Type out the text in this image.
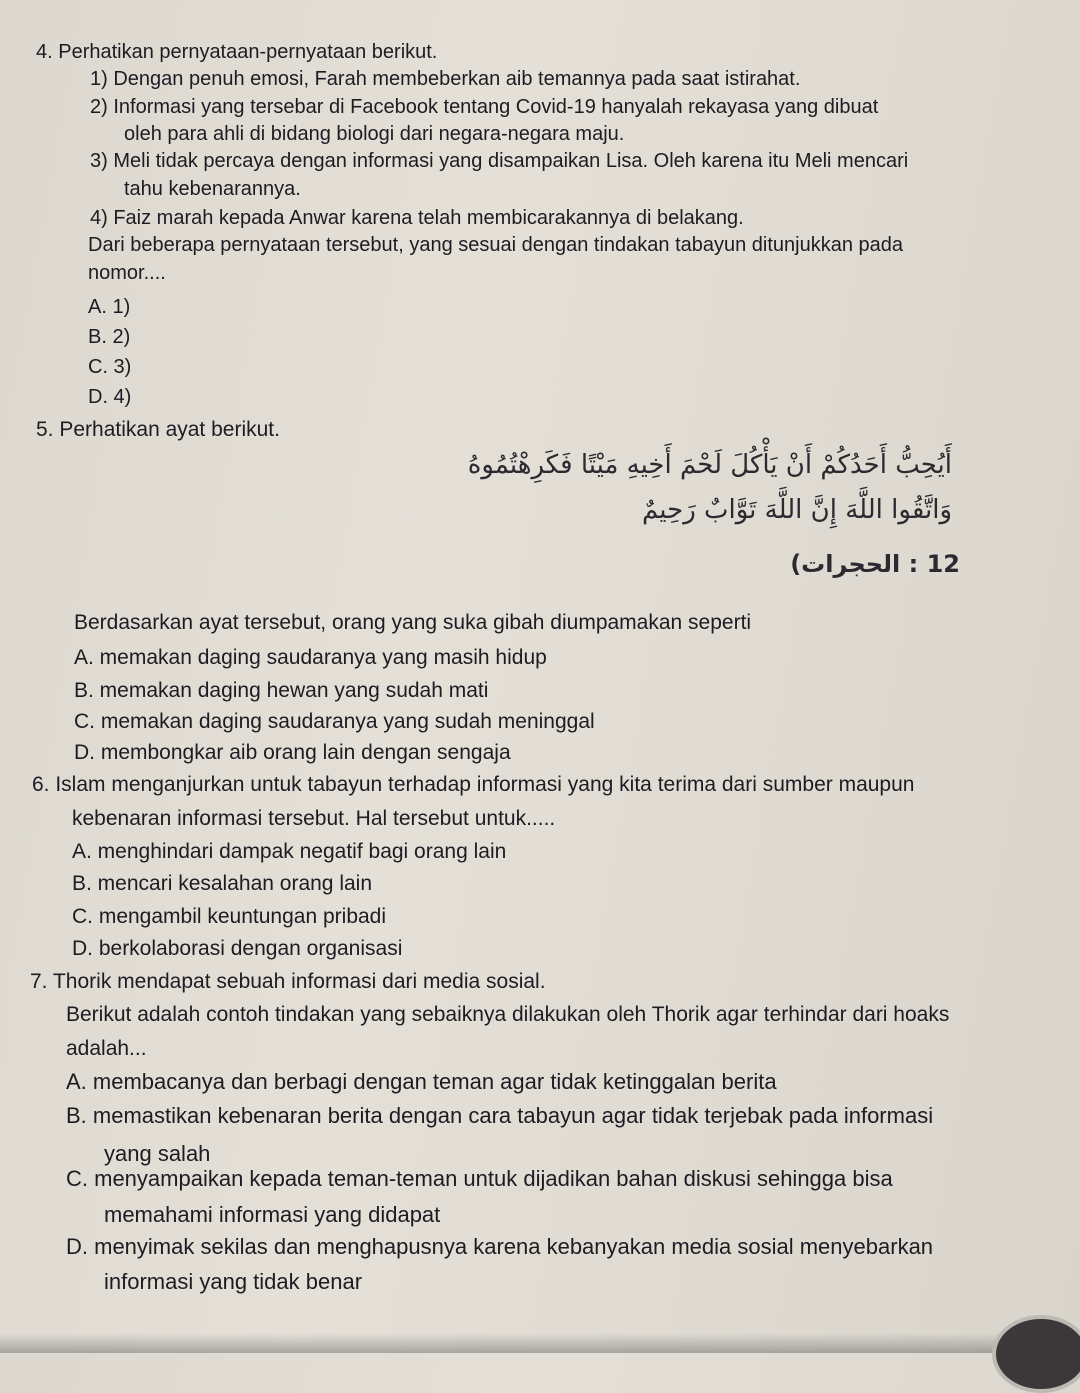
4. Perhatikan pernyataan-pernyataan berikut.
1) Dengan penuh emosi, Farah membeberkan aib temannya pada saat istirahat.
2) Informasi yang tersebar di Facebook tentang Covid-19 hanyalah rekayasa yang dibuat
oleh para ahli di bidang biologi dari negara-negara maju.
3) Meli tidak percaya dengan informasi yang disampaikan Lisa. Oleh karena itu Meli mencari
tahu kebenarannya.
4) Faiz marah kepada Anwar karena telah membicarakannya di belakang.
Dari beberapa pernyataan tersebut, yang sesuai dengan tindakan tabayun ditunjukkan pada
nomor....
A. 1)
B. 2)
C. 3)
D. 4)
5. Perhatikan ayat berikut.
أَيُحِبُّ أَحَدُكُمْ أَنْ يَأْكُلَ لَحْمَ أَخِيهِ مَيْتًا فَكَرِهْتُمُوهُ
وَاتَّقُوا اللَّهَ إِنَّ اللَّهَ تَوَّابٌ رَحِيمٌ
12 : الحجرات)
Berdasarkan ayat tersebut, orang yang suka gibah diumpamakan seperti
A. memakan daging saudaranya yang masih hidup
B. memakan daging hewan yang sudah mati
C. memakan daging saudaranya yang sudah meninggal
D. membongkar aib orang lain dengan sengaja
6. Islam menganjurkan untuk tabayun terhadap informasi yang kita terima dari sumber maupun
kebenaran informasi tersebut. Hal tersebut untuk.....
A. menghindari dampak negatif bagi orang lain
B. mencari kesalahan orang lain
C. mengambil keuntungan pribadi
D. berkolaborasi dengan organisasi
7. Thorik mendapat sebuah informasi dari media sosial.
Berikut adalah contoh tindakan yang sebaiknya dilakukan oleh Thorik agar terhindar dari hoaks
adalah...
A. membacanya dan berbagi dengan teman agar tidak ketinggalan berita
B. memastikan kebenaran berita dengan cara tabayun agar tidak terjebak pada informasi
yang salah
C. menyampaikan kepada teman-teman untuk dijadikan bahan diskusi sehingga bisa
memahami informasi yang didapat
D. menyimak sekilas dan menghapusnya karena kebanyakan media sosial menyebarkan
informasi yang tidak benar
